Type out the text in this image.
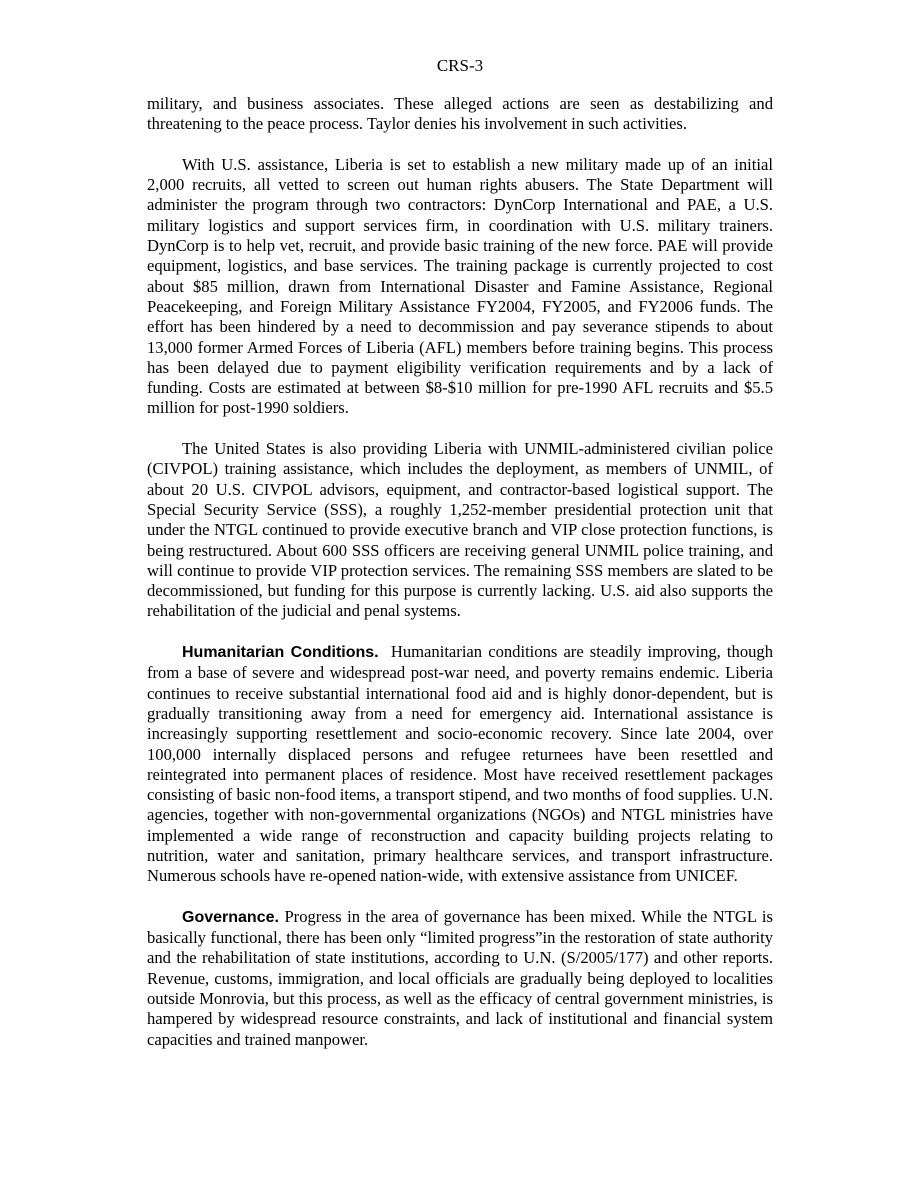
CRS-3

military, and business associates. These alleged actions are seen as destabilizing and threatening to the peace process. Taylor denies his involvement in such activities.

With U.S. assistance, Liberia is set to establish a new military made up of an initial 2,000 recruits, all vetted to screen out human rights abusers. The State Department will administer the program through two contractors: DynCorp International and PAE, a U.S. military logistics and support services firm, in coordination with U.S. military trainers. DynCorp is to help vet, recruit, and provide basic training of the new force. PAE will provide equipment, logistics, and base services. The training package is currently projected to cost about $85 million, drawn from International Disaster and Famine Assistance, Regional Peacekeeping, and Foreign Military Assistance FY2004, FY2005, and FY2006 funds. The effort has been hindered by a need to decommission and pay severance stipends to about 13,000 former Armed Forces of Liberia (AFL) members before training begins. This process has been delayed due to payment eligibility verification requirements and by a lack of funding. Costs are estimated at between $8-$10 million for pre-1990 AFL recruits and $5.5 million for post-1990 soldiers.

The United States is also providing Liberia with UNMIL-administered civilian police (CIVPOL) training assistance, which includes the deployment, as members of UNMIL, of about 20 U.S. CIVPOL advisors, equipment, and contractor-based logistical support. The Special Security Service (SSS), a roughly 1,252-member presidential protection unit that under the NTGL continued to provide executive branch and VIP close protection functions, is being restructured. About 600 SSS officers are receiving general UNMIL police training, and will continue to provide VIP protection services. The remaining SSS members are slated to be decommissioned, but funding for this purpose is currently lacking. U.S. aid also supports the rehabilitation of the judicial and penal systems.

Humanitarian Conditions. Humanitarian conditions are steadily improving, though from a base of severe and widespread post-war need, and poverty remains endemic. Liberia continues to receive substantial international food aid and is highly donor-dependent, but is gradually transitioning away from a need for emergency aid. International assistance is increasingly supporting resettlement and socio-economic recovery. Since late 2004, over 100,000 internally displaced persons and refugee returnees have been resettled and reintegrated into permanent places of residence. Most have received resettlement packages consisting of basic non-food items, a transport stipend, and two months of food supplies. U.N. agencies, together with non-governmental organizations (NGOs) and NTGL ministries have implemented a wide range of reconstruction and capacity building projects relating to nutrition, water and sanitation, primary healthcare services, and transport infrastructure. Numerous schools have re-opened nation-wide, with extensive assistance from UNICEF.

Governance. Progress in the area of governance has been mixed. While the NTGL is basically functional, there has been only “limited progress”in the restoration of state authority and the rehabilitation of state institutions, according to U.N. (S/2005/177) and other reports. Revenue, customs, immigration, and local officials are gradually being deployed to localities outside Monrovia, but this process, as well as the efficacy of central government ministries, is hampered by widespread resource constraints, and lack of institutional and financial system capacities and trained manpower.
